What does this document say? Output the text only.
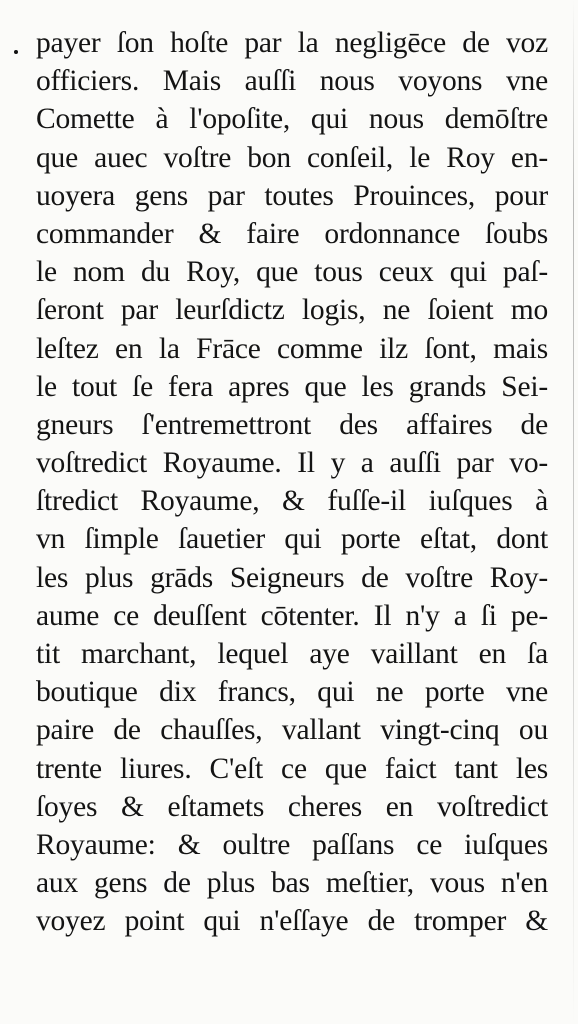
payer ſon hoſte par la negligēce de voz
officiers. Mais auſſi nous voyons vne
Comette à l'opoſite, qui nous demōſtre
que auec voſtre bon conſeil, le Roy en-
uoyera gens par toutes Prouinces, pour
commander & faire ordonnance ſoubs
le nom du Roy, que tous ceux qui paſ-
ſeront par leurſdictz logis, ne ſoient mo
leſtez en la Frāce comme ilz ſont, mais
le tout ſe fera apres que les grands Sei-
gneurs ſ'entremettront des affaires de
voſtredict Royaume. Il y a auſſi par vo-
ſtredict Royaume, & fuſſe-il iuſques à
vn ſimple ſauetier qui porte eſtat, dont
les plus grāds Seigneurs de voſtre Roy-
aume ce deuſſent cōtenter. Il n'y a ſi pe-
tit marchant, lequel aye vaillant en ſa
boutique dix francs, qui ne porte vne
paire de chauſſes, vallant vingt-cinq ou
trente liures. C'eſt ce que faict tant les
ſoyes & eſtamets cheres en voſtredict
Royaume: & oultre paſſans ce iuſques
aux gens de plus bas meſtier, vous n'en
voyez point qui n'eſſaye de tromper &
